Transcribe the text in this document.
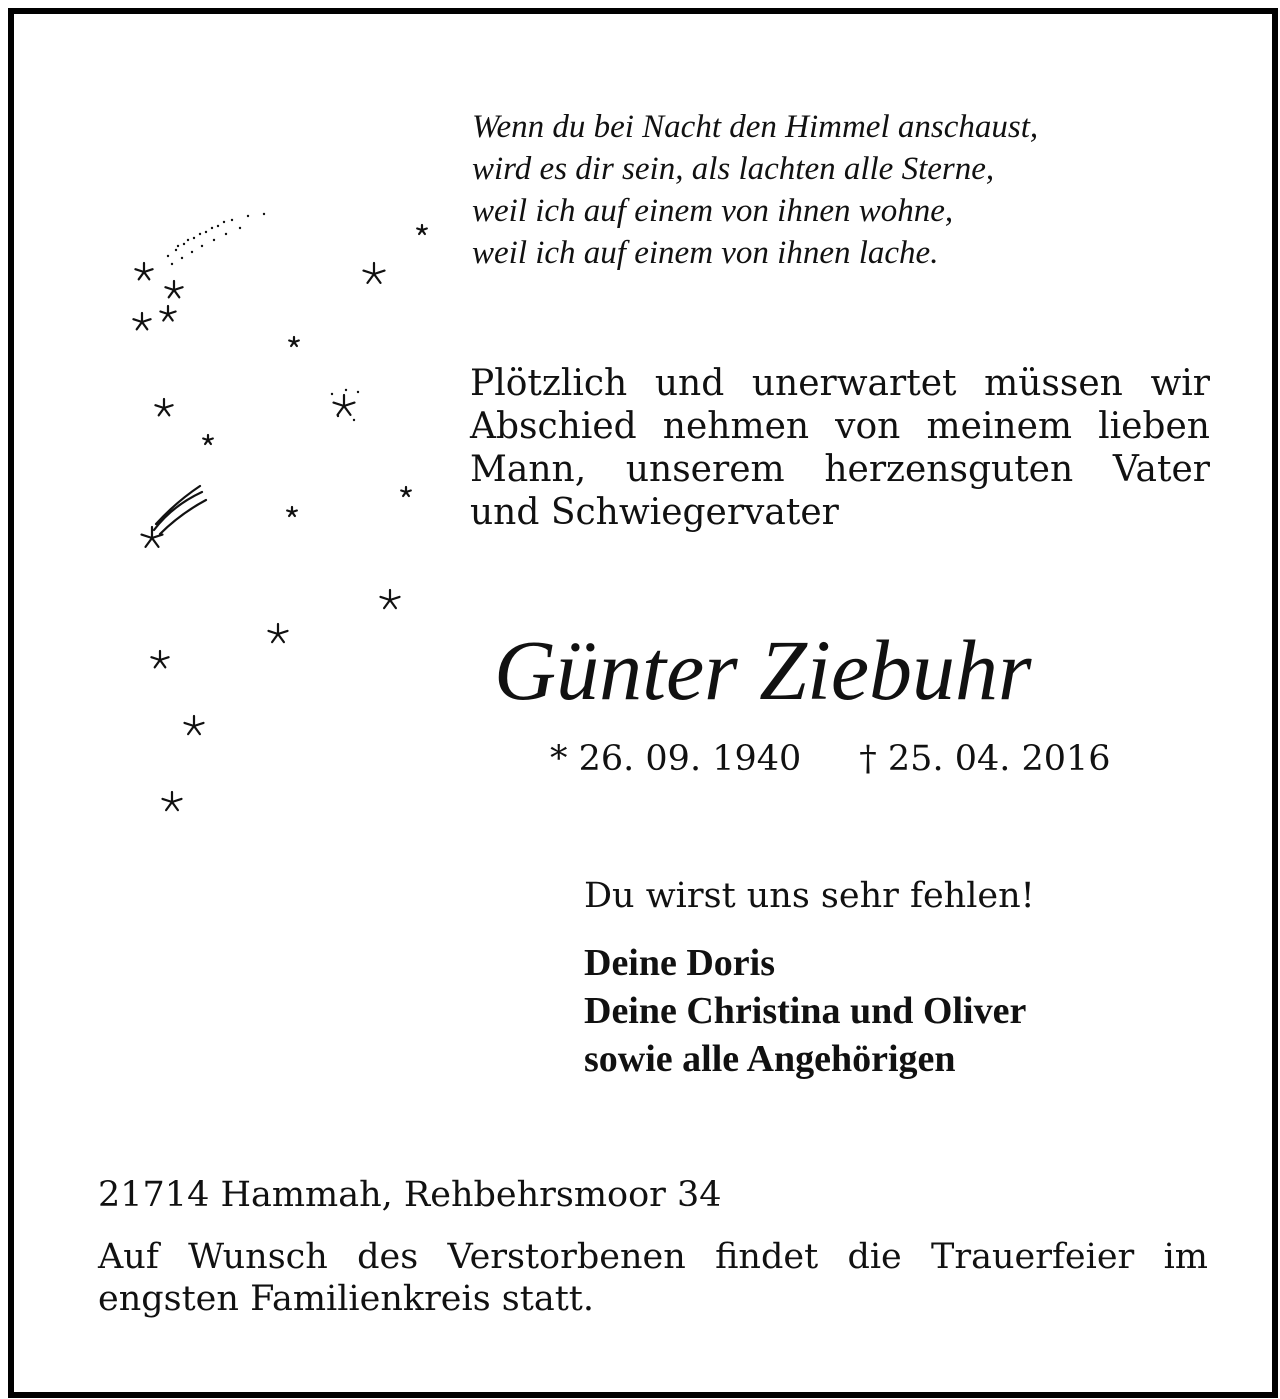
Wenn du bei Nacht den Himmel anschaust,
wird es dir sein, als lachten alle Sterne,
weil ich auf einem von ihnen wohne,
weil ich auf einem von ihnen lache.
Plötzlich und unerwartet müssen wir
Abschied nehmen von meinem lieben
Mann, unserem herzensguten Vater
und Schwiegervater
Günter Ziebuhr
* 26. 09. 1940 † 25. 04. 2016
Du wirst uns sehr fehlen!
Deine Doris
Deine Christina und Oliver
sowie alle Angehörigen
21714 Hammah, Rehbehrsmoor 34
Auf Wunsch des Verstorbenen findet die Trauerfeier im
engsten Familienkreis statt.
